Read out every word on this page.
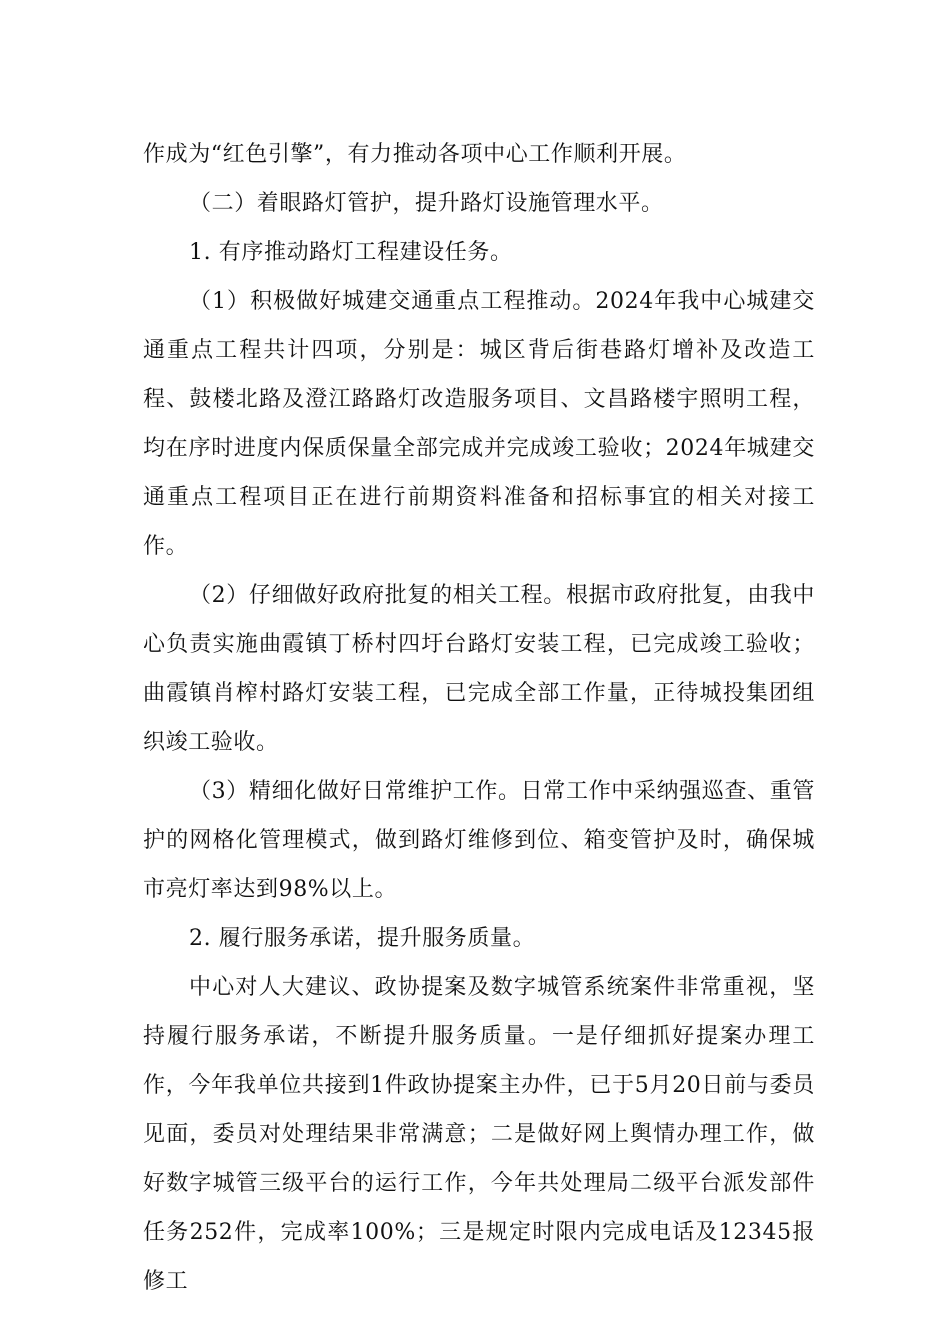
作成为“红色引擎”，有力推动各项中心工作顺利开展。

（二）着眼路灯管护，提升路灯设施管理水平。

1. 有序推动路灯工程建设任务。

（1）积极做好城建交通重点工程推动。2024年我中心城建交通重点工程共计四项，分别是：城区背后街巷路灯增补及改造工程、鼓楼北路及澄江路路灯改造服务项目、文昌路楼宇照明工程，均在序时进度内保质保量全部完成并完成竣工验收；2024年城建交通重点工程项目正在进行前期资料准备和招标事宜的相关对接工作。

（2）仔细做好政府批复的相关工程。根据市政府批复，由我中心负责实施曲霞镇丁桥村四圩台路灯安装工程，已完成竣工验收；曲霞镇肖榨村路灯安装工程，已完成全部工作量，正待城投集团组织竣工验收。

（3）精细化做好日常维护工作。日常工作中采纳强巡查、重管护的网格化管理模式，做到路灯维修到位、箱变管护及时，确保城市亮灯率达到98%以上。

2. 履行服务承诺，提升服务质量。

中心对人大建议、政协提案及数字城管系统案件非常重视，坚持履行服务承诺，不断提升服务质量。一是仔细抓好提案办理工作，今年我单位共接到1件政协提案主办件，已于5月20日前与委员见面，委员对处理结果非常满意；二是做好网上舆情办理工作，做好数字城管三级平台的运行工作，今年共处理局二级平台派发部件任务252件，完成率100%；三是规定时限内完成电话及12345报修工
